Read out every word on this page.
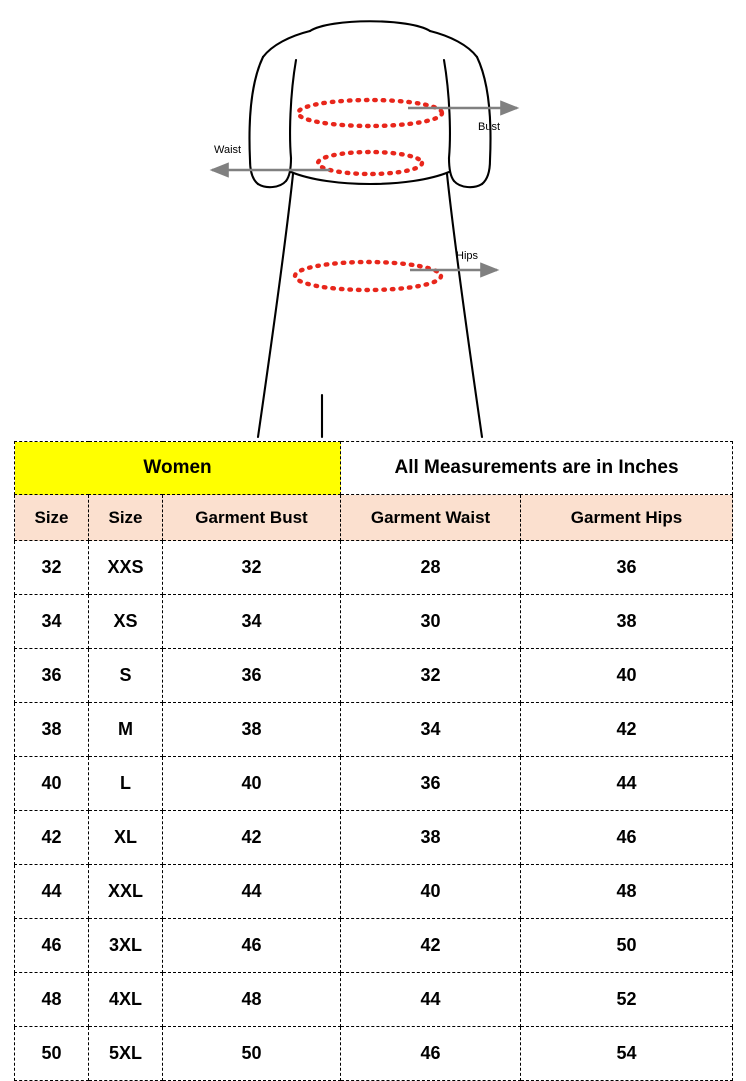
Bust
Waist
Hips
Women			All Measurements are in Inches	
Size	Size	Garment Bust	Garment Waist	Garment Hips
32	XXS	32	28	36
34	XS	34	30	38
36	S	36	32	40
38	M	38	34	42
40	L	40	36	44
42	XL	42	38	46
44	XXL	44	40	48
46	3XL	46	42	50
48	4XL	48	44	52
50	5XL	50	46	54
